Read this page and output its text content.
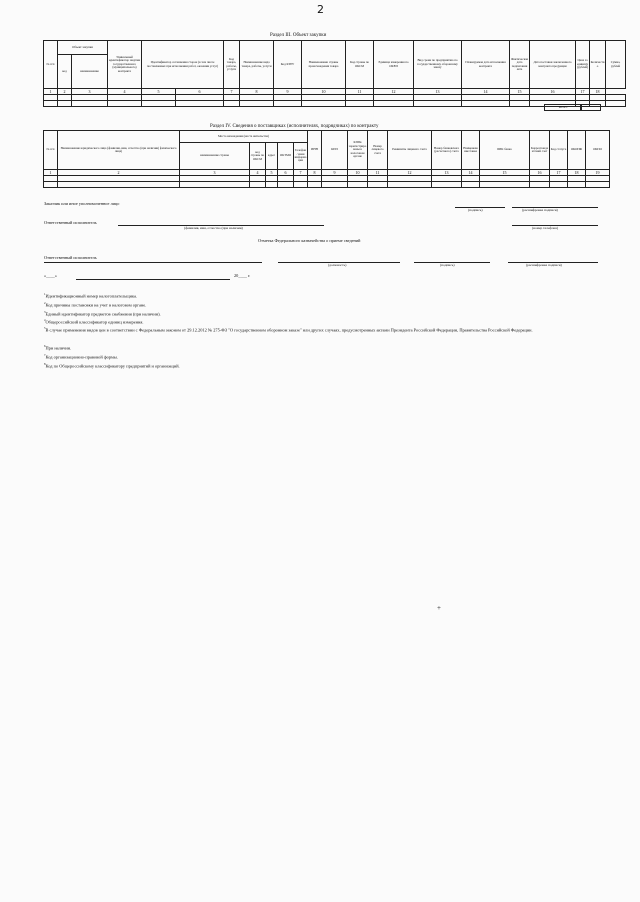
2
Раздел III. Объект закупки
№ п/п	Объект закупки		Уникальный идентификатор закупки государственного (муниципального) контракта	Идентификатор соглашения сторон (в том числе поставляемых при исполнении работ, оказании услуг)		Код товара, работы, услуги	Наименование вида товара, работы, услуги	Код КТРУ	Наименование страны происхождения товара	Код страны по ОКСМ	Единица измерения по ОКЕИ	Вид сроки по предприятию по государственному оборонному заказу	Планируемая дата исполнения контракта	Фактическая дата подписания акта	Дата поставки заключенного контракта продукции	Цена за единицу (рублей)	Количество	Сумма, рублей
	код	наименование																
1	2	3	4	5	6	7	8	9	10	11	12	13	14	15	16	17	18	

Итого
Раздел IV. Сведения о поставщиках (исполнителях, подрядчиках) по контракту
№ п/п	Наименование юридического лица (фамилия, имя, отчество (при наличии) физического лица)	Место нахождения (места жительства)					ИНН	КПП	КППв зарегистрированы в налоговом органе	Номер лицевого счета	Реквизиты лицевого счета	Номер банковского (расчетного) счета	Наименование банка	БИК банка	Корреспондентский счет	Код статуса	ОКОПФ	ОКПО
		наименование страны	код страны по ОКСМ	адрес	ОКТМО	Телефон/ иная информация												
1	2	3	4	5	6	7	8	9	10	11	12	13	14	15	16	17	18	19

Заказчик или иное уполномоченное лицо
(подпись)	(расшифровка подписи)
Ответственный исполнитель
(фамилия, имя, отчество (при наличии)	(номер телефона)
Отметка Федерального казначейства о приеме сведений
Ответственный исполнитель
(должность)	(подпись)	(расшифровка подписи)
«____»	20____ г.
$^1$Идентификационный номер налогоплательщика.
$^2$Код причины постановки на учет в налоговом органе.
$^3$Единый идентификатор предметов снабжения (при наличии).
$^4$Общероссийский классификатор единиц измерения.
$^5$В случае применения видов цен в соответствии с Федеральным законом от 29.12.2012 № 275-ФЗ "О государственном оборонном заказе" или других случаях, предусмотренных актами Президента Российской Федерации, Правительства Российской Федерации.
$^6$При наличии.
$^7$Код организационно-правовой формы.
$^8$Код по Общероссийскому классификатору предприятий и организаций.
+
